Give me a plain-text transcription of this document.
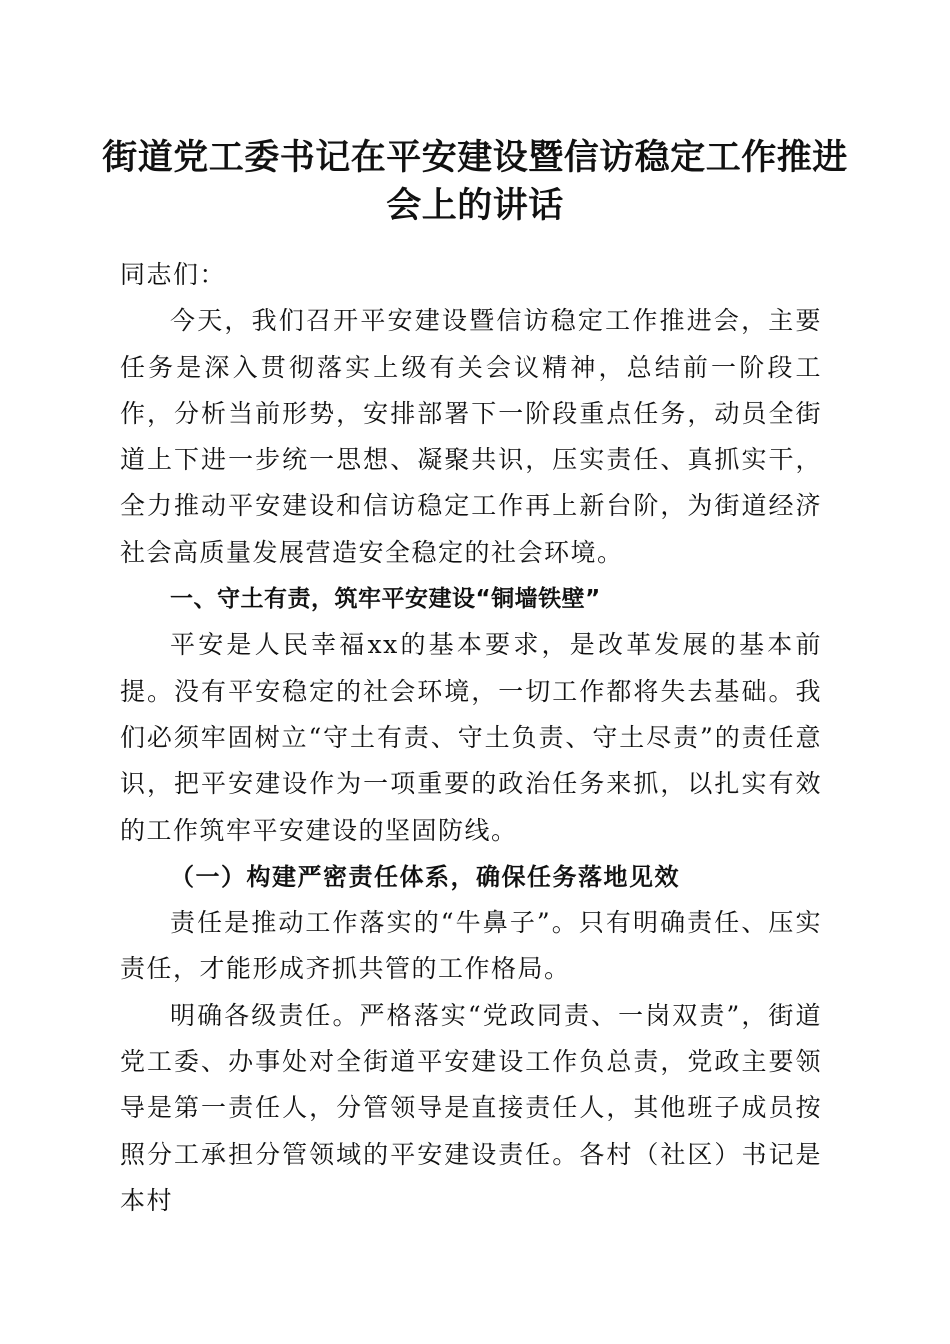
街道党工委书记在平安建设暨信访稳定工作推进会上的讲话

同志们：

今天，我们召开平安建设暨信访稳定工作推进会，主要任务是深入贯彻落实上级有关会议精神，总结前一阶段工作，分析当前形势，安排部署下一阶段重点任务，动员全街道上下进一步统一思想、凝聚共识，压实责任、真抓实干，全力推动平安建设和信访稳定工作再上新台阶，为街道经济社会高质量发展营造安全稳定的社会环境。

一、守土有责，筑牢平安建设“铜墙铁壁”

平安是人民幸福xx的基本要求，是改革发展的基本前提。没有平安稳定的社会环境，一切工作都将失去基础。我们必须牢固树立“守土有责、守土负责、守土尽责”的责任意识，把平安建设作为一项重要的政治任务来抓，以扎实有效的工作筑牢平安建设的坚固防线。

（一）构建严密责任体系，确保任务落地见效

责任是推动工作落实的“牛鼻子”。只有明确责任、压实责任，才能形成齐抓共管的工作格局。

明确各级责任。严格落实“党政同责、一岗双责”，街道党工委、办事处对全街道平安建设工作负总责，党政主要领导是第一责任人，分管领导是直接责任人，其他班子成员按照分工承担分管领域的平安建设责任。各村（社区）书记是本村
